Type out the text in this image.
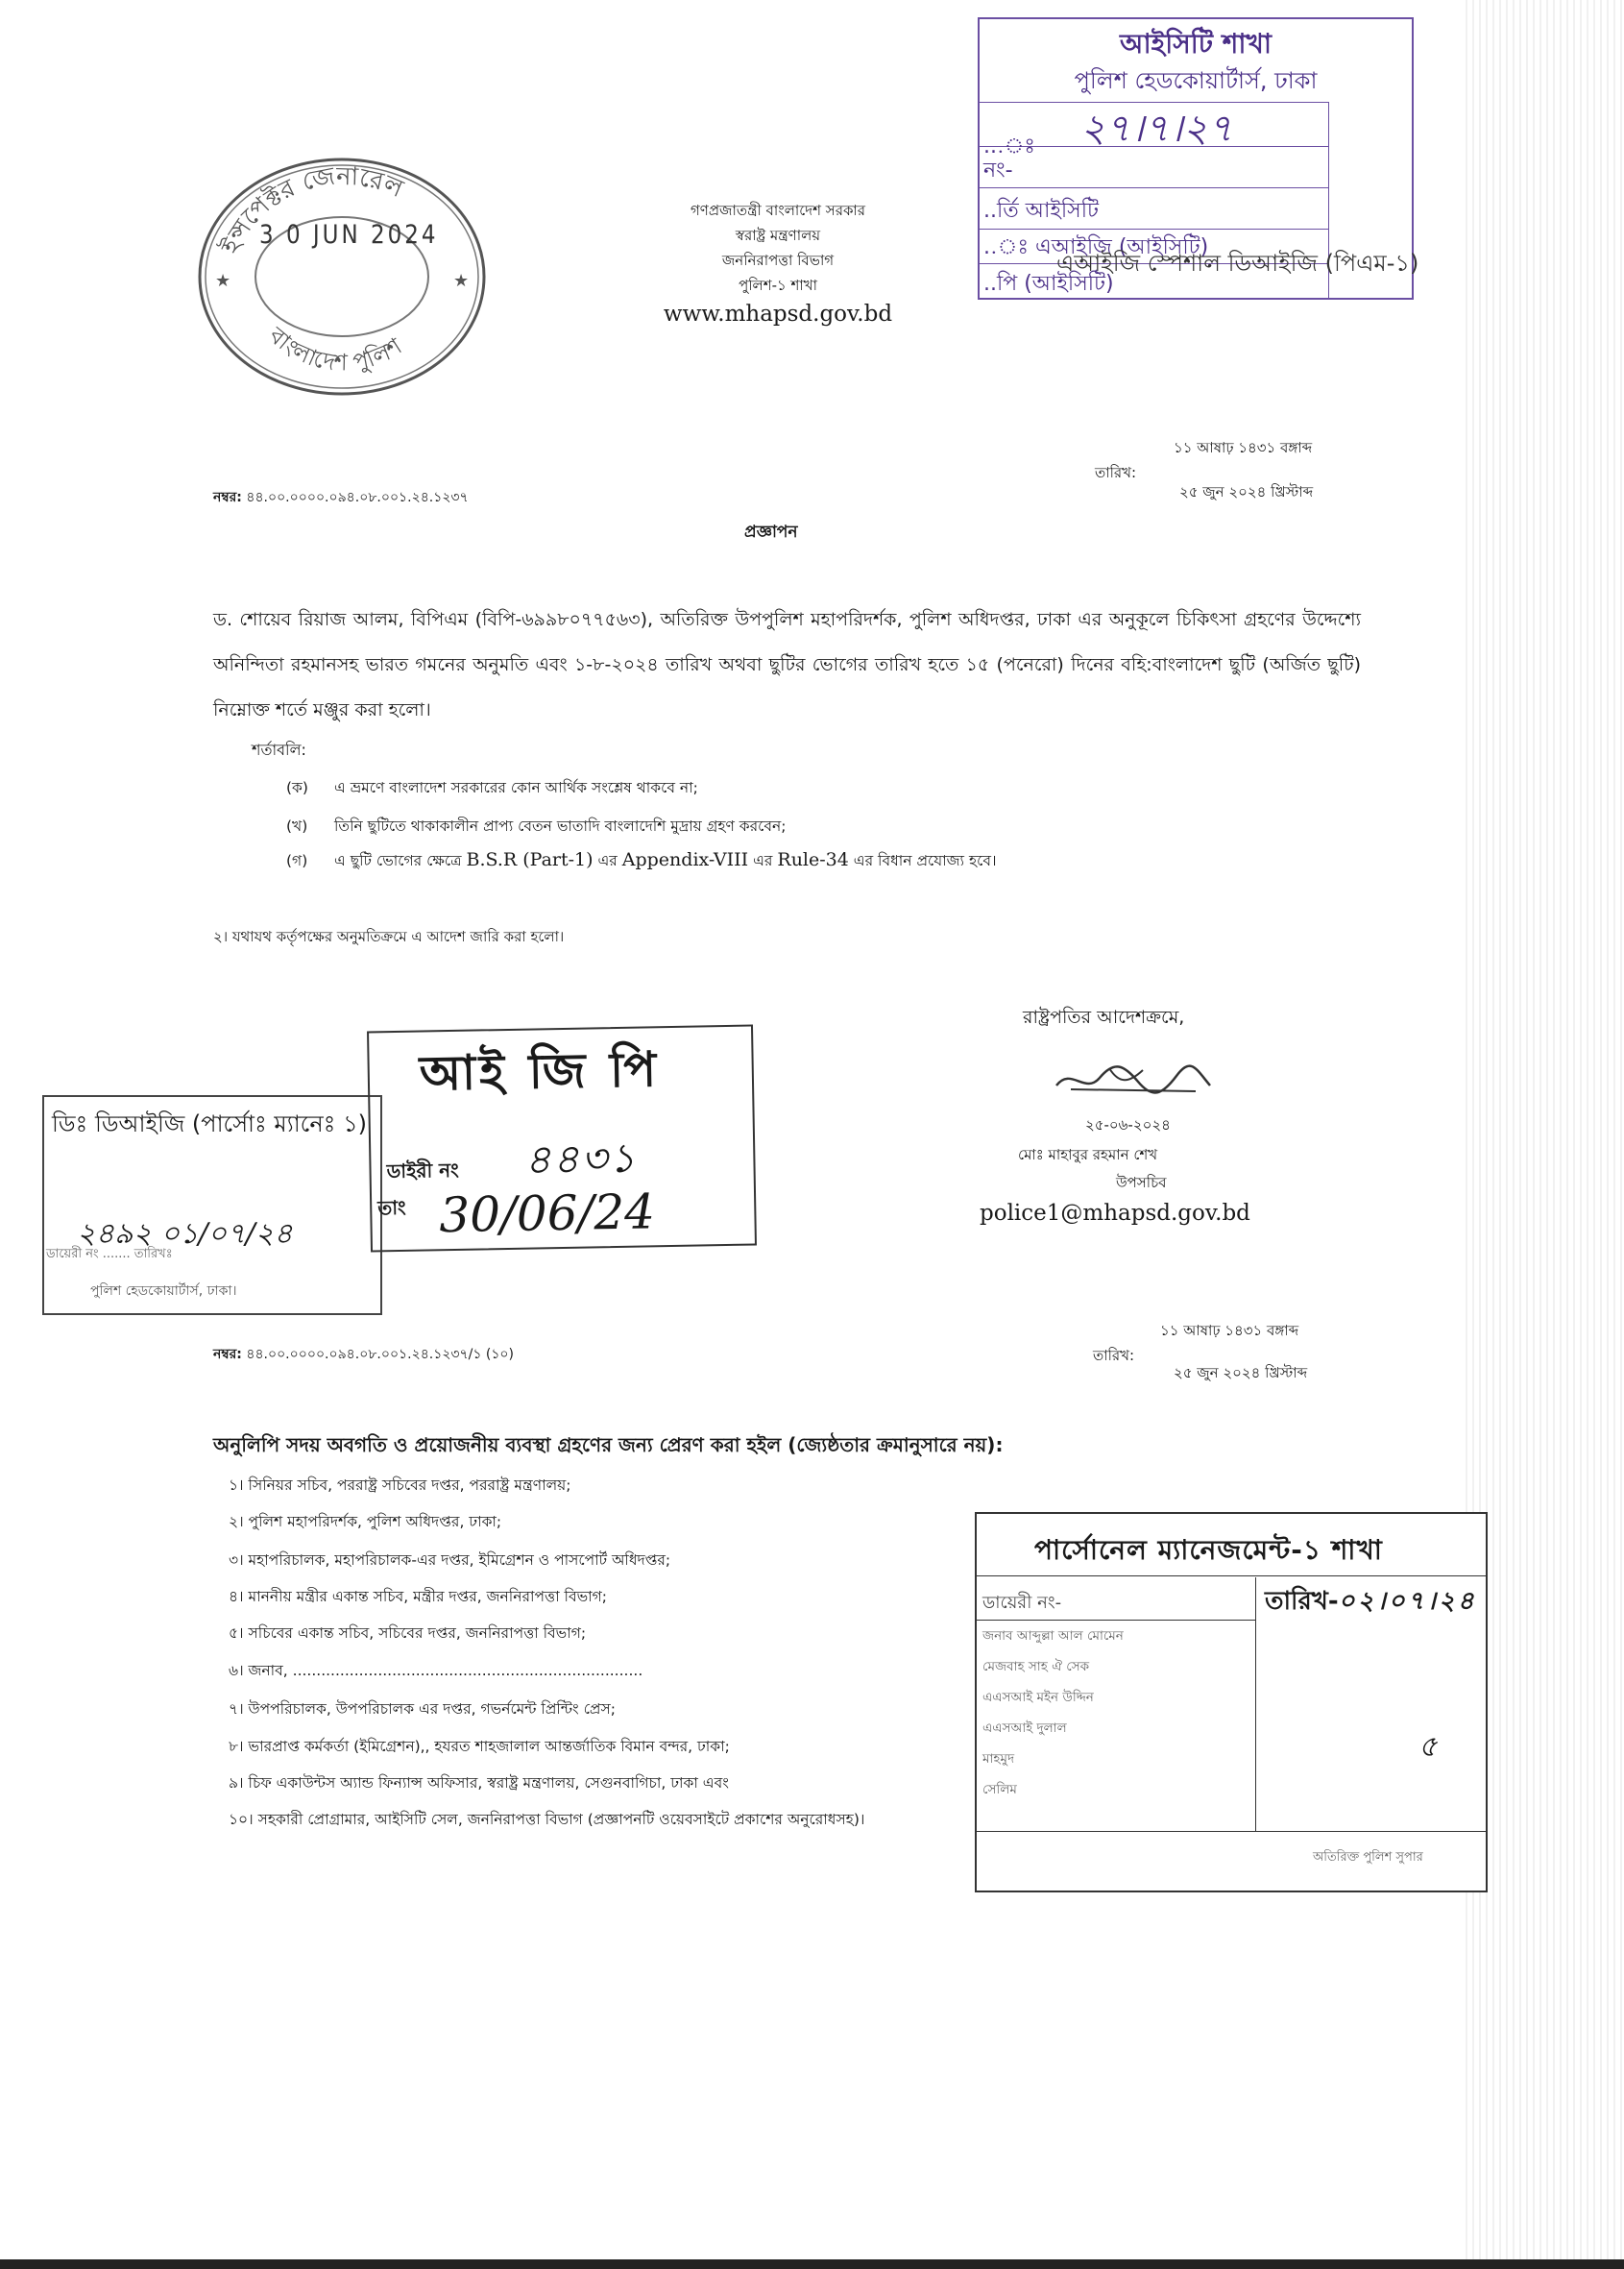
ইন্সপেক্টর জেনারেল
বাংলাদেশ পুলিশ
★	★
3 0 JUN 2024
গণপ্রজাতন্ত্রী বাংলাদেশ সরকার
স্বরাষ্ট্র মন্ত্রণালয়
জননিরাপত্তা বিভাগ
পুলিশ-১ শাখা
www.mhapsd.gov.bd
আইসিটি শাখা
পুলিশ হেডকোয়ার্টার্স, ঢাকা
...ঃ ২৭।৭।২৭
নং-
..র্তি আইসিটি
..ঃ এআইজি (আইসিটি)
এআইজি স্পেশাল ডিআইজি (পিএম-১)
..পি (আইসিটি)
নম্বর: ৪৪.০০.০০০০.০৯৪.০৮.০০১.২৪.১২৩৭
১১ আষাঢ় ১৪৩১ বঙ্গাব্দ
তারিখ:
২৫ জুন ২০২৪ খ্রিস্টাব্দ
প্রজ্ঞাপন
ড. শোয়েব রিয়াজ আলম, বিপিএম (বিপি-৬৯৯৮০৭৭৫৬৩), অতিরিক্ত উপপুলিশ মহাপরিদর্শক, পুলিশ অধিদপ্তর, ঢাকা এর অনুকূলে চিকিৎসা গ্রহণের উদ্দেশ্যে অনিন্দিতা রহমানসহ ভারত গমনের অনুমতি এবং ১-৮-২০২৪ তারিখ অথবা ছুটির ভোগের তারিখ হতে ১৫ (পনেরো) দিনের বহি:বাংলাদেশ ছুটি (অর্জিত ছুটি) নিম্নোক্ত শর্তে মঞ্জুর করা হলো।
শর্তাবলি:
(ক) এ ভ্রমণে বাংলাদেশ সরকারের কোন আর্থিক সংশ্লেষ থাকবে না;
(খ) তিনি ছুটিতে থাকাকালীন প্রাপ্য বেতন ভাতাদি বাংলাদেশি মুদ্রায় গ্রহণ করবেন;
(গ) এ ছুটি ভোগের ক্ষেত্রে B.S.R (Part-1) এর Appendix-VIII এর Rule-34 এর বিধান প্রযোজ্য হবে।
২। যথাযথ কর্তৃপক্ষের অনুমতিক্রমে এ আদেশ জারি করা হলো।
রাষ্ট্রপতির আদেশক্রমে,
২৫-০৬-২০২৪
মোঃ মাহাবুর রহমান শেখ
উপসচিব
police1@mhapsd.gov.bd
ডিঃ ডিআইজি (পার্সোঃ ম্যানেঃ ১)
২৪৯২ ০১/০৭/২৪
ডায়েরী নং ....... তারিখঃ
পুলিশ হেডকোয়ার্টার্স, ঢাকা।
আই জি পি
ডাইরী নং ৪৪৩১
তাং 30/06/24
নম্বর: ৪৪.০০.০০০০.০৯৪.০৮.০০১.২৪.১২৩৭/১ (১০)
১১ আষাঢ় ১৪৩১ বঙ্গাব্দ
তারিখ:
২৫ জুন ২০২৪ খ্রিস্টাব্দ
অনুলিপি সদয় অবগতি ও প্রয়োজনীয় ব্যবস্থা গ্রহণের জন্য প্রেরণ করা হইল (জ্যেষ্ঠতার ক্রমানুসারে নয়):
১। সিনিয়র সচিব, পররাষ্ট্র সচিবের দপ্তর, পররাষ্ট্র মন্ত্রণালয়;
২। পুলিশ মহাপরিদর্শক, পুলিশ অধিদপ্তর, ঢাকা;
৩। মহাপরিচালক, মহাপরিচালক-এর দপ্তর, ইমিগ্রেশন ও পাসপোর্ট অধিদপ্তর;
৪। মাননীয় মন্ত্রীর একান্ত সচিব, মন্ত্রীর দপ্তর, জননিরাপত্তা বিভাগ;
৫। সচিবের একান্ত সচিব, সচিবের দপ্তর, জননিরাপত্তা বিভাগ;
৬। জনাব, ..........................................................................
৭। উপপরিচালক, উপপরিচালক এর দপ্তর, গভর্নমেন্ট প্রিন্টিং প্রেস;
৮। ভারপ্রাপ্ত কর্মকর্তা (ইমিগ্রেশন),, হযরত শাহজালাল আন্তর্জাতিক বিমান বন্দর, ঢাকা;
৯। চিফ একাউন্টস অ্যান্ড ফিন্যান্স অফিসার, স্বরাষ্ট্র মন্ত্রণালয়, সেগুনবাগিচা, ঢাকা এবং
১০। সহকারী প্রোগ্রামার, আইসিটি সেল, জননিরাপত্তা বিভাগ (প্রজ্ঞাপনটি ওয়েবসাইটে প্রকাশের অনুরোধসহ)।
পার্সোনেল ম্যানেজমেন্ট-১ শাখা
ডায়েরী নং-	তারিখ-০২।০৭।২৪
জনাব আব্দুল্লা আল মোমেন
মেজবাহ সাহ ঐ সেক
এএসআই মইন উদ্দিন
এএসআই দুলাল
মাহমুদ
সেলিম
৫
অতিরিক্ত পুলিশ সুপার
